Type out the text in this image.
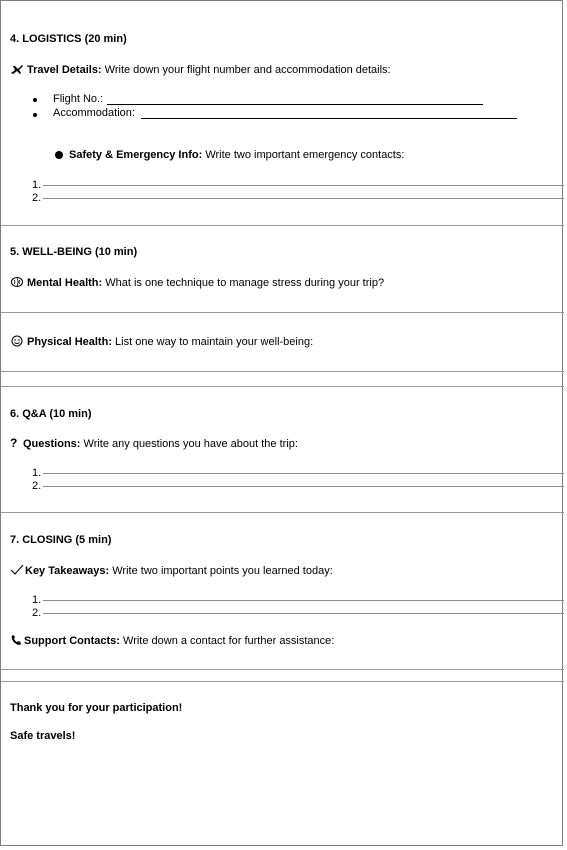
4. LOGISTICS (20 min)
Travel Details: Write down your flight number and accommodation details:
Flight No.:
Accommodation:
Safety & Emergency Info: Write two important emergency contacts:
1.
2.
5. WELL-BEING (10 min)
Mental Health: What is one technique to manage stress during your trip?
Physical Health: List one way to maintain your well-being:
6. Q&A (10 min)
? Questions: Write any questions you have about the trip:
1.
2.
7. CLOSING (5 min)
Key Takeaways: Write two important points you learned today:
1.
2.
Support Contacts: Write down a contact for further assistance:
Thank you for your participation!
Safe travels!
